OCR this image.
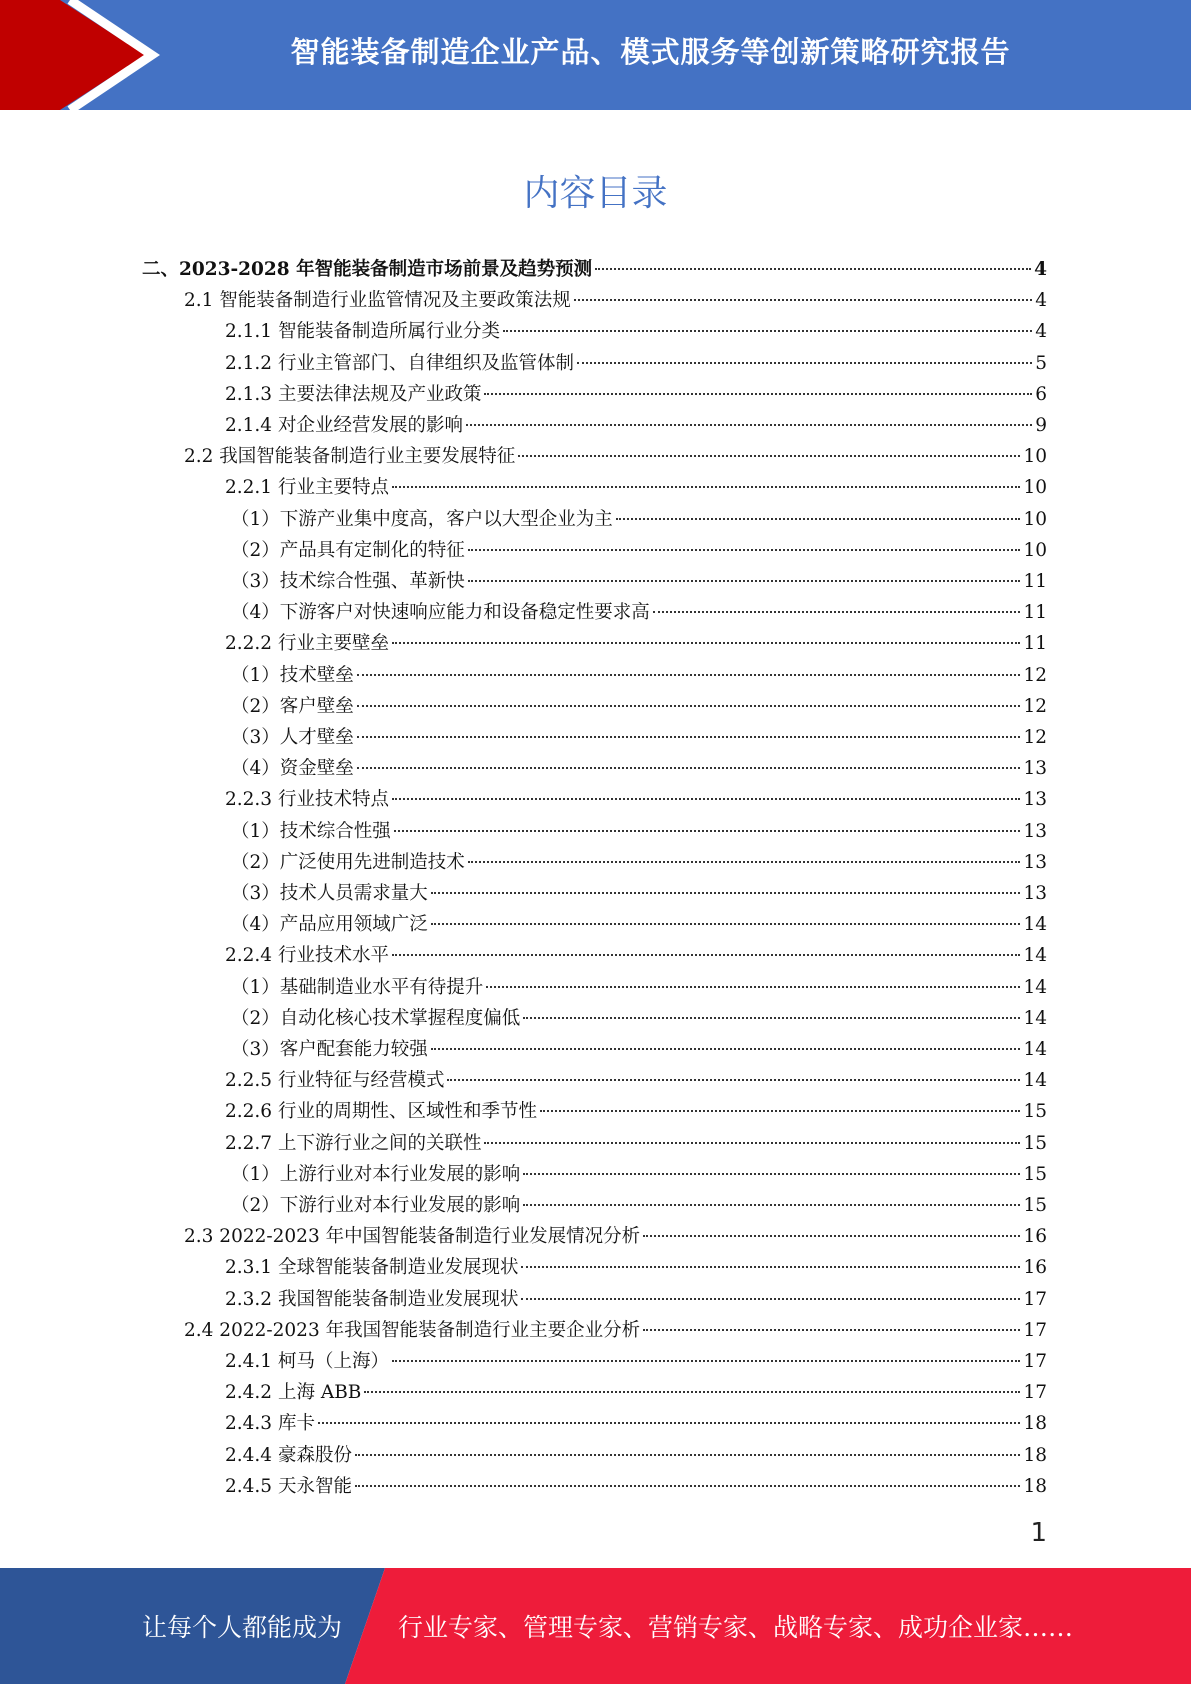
智能装备制造企业产品、模式服务等创新策略研究报告
内容目录
二、2023-2028 年智能装备制造市场前景及趋势预测	4
2.1 智能装备制造行业监管情况及主要政策法规	4
2.1.1 智能装备制造所属行业分类	4
2.1.2 行业主管部门、自律组织及监管体制	5
2.1.3 主要法律法规及产业政策	6
2.1.4 对企业经营发展的影响	9
2.2 我国智能装备制造行业主要发展特征	10
2.2.1 行业主要特点	10
（1）下游产业集中度高，客户以大型企业为主	10
（2）产品具有定制化的特征	10
（3）技术综合性强、革新快	11
（4）下游客户对快速响应能力和设备稳定性要求高	11
2.2.2 行业主要壁垒	11
（1）技术壁垒	12
（2）客户壁垒	12
（3）人才壁垒	12
（4）资金壁垒	13
2.2.3 行业技术特点	13
（1）技术综合性强	13
（2）广泛使用先进制造技术	13
（3）技术人员需求量大	13
（4）产品应用领域广泛	14
2.2.4 行业技术水平	14
（1）基础制造业水平有待提升	14
（2）自动化核心技术掌握程度偏低	14
（3）客户配套能力较强	14
2.2.5 行业特征与经营模式	14
2.2.6 行业的周期性、区域性和季节性	15
2.2.7 上下游行业之间的关联性	15
（1）上游行业对本行业发展的影响	15
（2）下游行业对本行业发展的影响	15
2.3 2022-2023 年中国智能装备制造行业发展情况分析	16
2.3.1 全球智能装备制造业发展现状	16
2.3.2 我国智能装备制造业发展现状	17
2.4 2022-2023 年我国智能装备制造行业主要企业分析	17
2.4.1 柯马（上海）	17
2.4.2 上海 ABB	17
2.4.3 库卡	18
2.4.4 豪森股份	18
2.4.5 天永智能	18
1
让每个人都能成为 行业专家、管理专家、营销专家、战略专家、成功企业家……
